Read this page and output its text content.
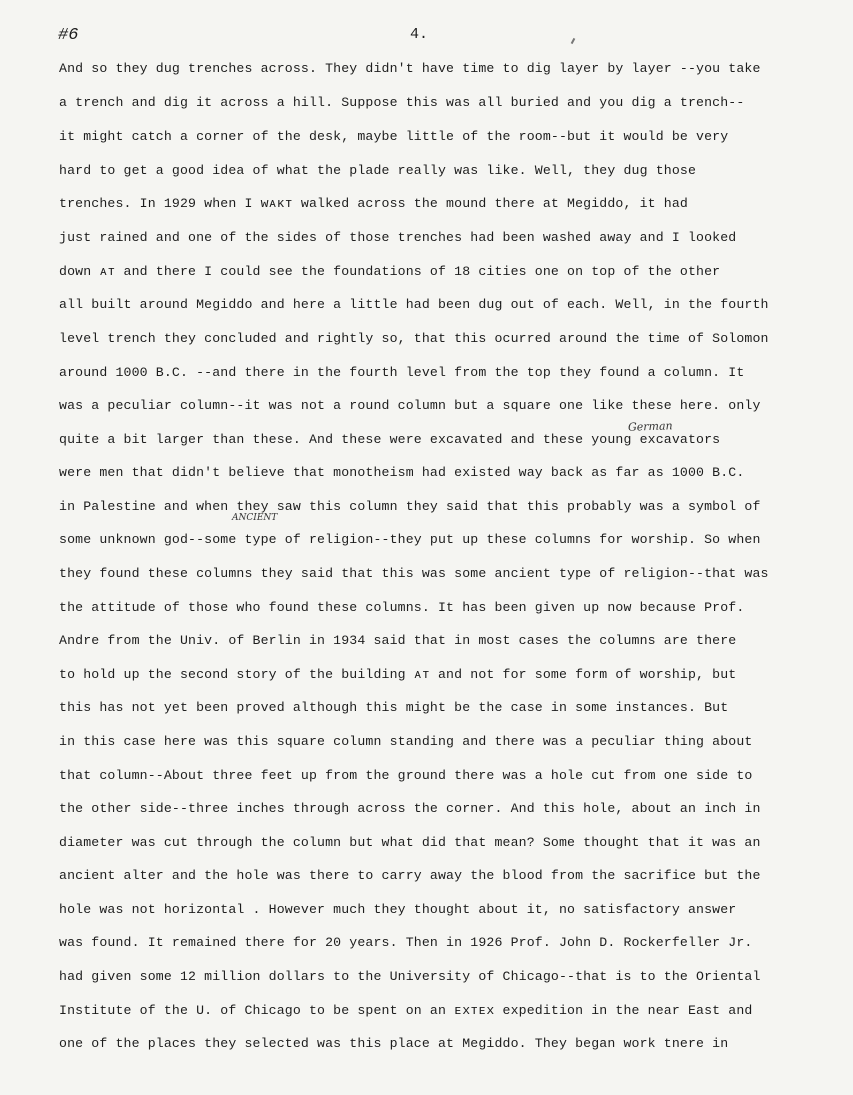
#6	4.
German
ANCIENT
And so they dug trenches across. They didn't have time to dig layer by layer --you take
a trench and dig it across a hill. Suppose this was all buried and you dig a trench--
it might catch a corner of the desk, maybe little of the room--but it would be very
hard to get a good idea of what the plade really was like. Well, they dug those
trenches. In 1929 when I ᴡᴀᴋᴛ walked across the mound there at Megiddo, it had
just rained and one of the sides of those trenches had been washed away and I looked
down ᴀᴛ and there I could see the foundations of 18 cities one on top of the other
all built around Megiddo and here a little had been dug out of each. Well, in the fourth
level trench they concluded and rightly so, that this ocurred around the time of Solomon
around 1000 B.C. --and there in the fourth level from the top they found a column. It
was a peculiar column--it was not a round column but a square one like these here. only
quite a bit larger than these. And these were excavated and these young excavators
were men that didn't believe that monotheism had existed way back as far as 1000 B.C.
in Palestine and when they saw this column they said that this probably was a symbol of
some unknown god--some type of religion--they put up these columns for worship. So when
they found these columns they said that this was some ancient type of religion--that was
the attitude of those who found these columns. It has been given up now because Prof.
Andre from the Univ. of Berlin in 1934 said that in most cases the columns are there
to hold up the second story of the building ᴀᴛ and not for some form of worship, but
this has not yet been proved although this might be the case in some instances. But
in this case here was this square column standing and there was a peculiar thing about
that column--About three feet up from the ground there was a hole cut from one side to
the other side--three inches through across the corner. And this hole, about an inch in
diameter was cut through the column but what did that mean? Some thought that it was an
ancient alter and the hole was there to carry away the blood from the sacrifice but the
hole was not horizontal . However much they thought about it, no satisfactory answer
was found. It remained there for 20 years. Then in 1926 Prof. John D. Rockerfeller Jr.
had given some 12 million dollars to the University of Chicago--that is to the Oriental
Institute of the U. of Chicago to be spent on an ᴇxᴛᴇx expedition in the near East and
one of the places they selected was this place at Megiddo. They began work tnere in
